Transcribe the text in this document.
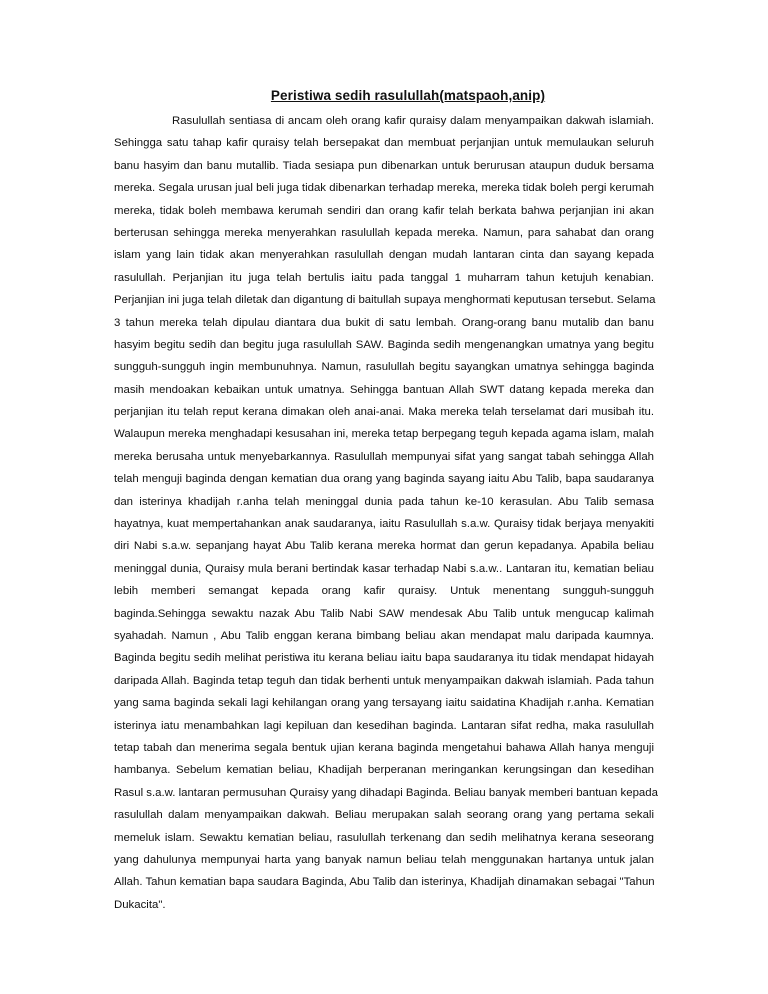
Peristiwa sedih rasulullah(matspaoh,anip)
Rasulullah sentiasa di ancam oleh orang kafir quraisy dalam menyampaikan dakwah islamiah.
Sehingga satu tahap kafir quraisy telah bersepakat dan membuat perjanjian untuk memulaukan seluruh
banu hasyim dan banu mutallib. Tiada sesiapa pun dibenarkan untuk berurusan ataupun duduk bersama
mereka. Segala urusan jual beli juga tidak dibenarkan terhadap mereka, mereka tidak boleh pergi kerumah
mereka, tidak boleh membawa kerumah sendiri dan orang kafir telah berkata bahwa perjanjian ini akan
berterusan sehingga mereka menyerahkan rasulullah kepada mereka. Namun, para sahabat dan orang
islam yang lain tidak akan menyerahkan rasulullah dengan mudah lantaran cinta dan sayang kepada
rasulullah. Perjanjian itu juga telah bertulis iaitu pada tanggal 1 muharram tahun ketujuh kenabian.
Perjanjian ini juga telah diletak dan digantung di baitullah supaya menghormati keputusan tersebut. Selama
3 tahun mereka telah dipulau diantara dua bukit di satu lembah. Orang-orang banu mutalib dan banu
hasyim begitu sedih dan begitu juga rasulullah SAW. Baginda sedih mengenangkan umatnya yang begitu
sungguh-sungguh ingin membunuhnya. Namun, rasulullah begitu sayangkan umatnya sehingga baginda
masih mendoakan kebaikan untuk umatnya. Sehingga bantuan Allah SWT datang kepada mereka dan
perjanjian itu telah reput kerana dimakan oleh anai-anai. Maka mereka telah terselamat dari musibah itu.
Walaupun mereka menghadapi kesusahan ini, mereka tetap berpegang teguh kepada agama islam, malah
mereka berusaha untuk menyebarkannya. Rasulullah mempunyai sifat yang sangat tabah sehingga Allah
telah menguji baginda dengan kematian dua orang yang baginda sayang iaitu Abu Talib, bapa saudaranya
dan isterinya khadijah r.anha telah meninggal dunia pada tahun ke-10 kerasulan. Abu Talib semasa
hayatnya, kuat mempertahankan anak saudaranya, iaitu Rasulullah s.a.w. Quraisy tidak berjaya menyakiti
diri Nabi s.a.w. sepanjang hayat Abu Talib kerana mereka hormat dan gerun kepadanya. Apabila beliau
meninggal dunia, Quraisy mula berani bertindak kasar terhadap Nabi s.a.w.. Lantaran itu, kematian beliau
lebih memberi semangat kepada orang kafir quraisy. Untuk menentang sungguh-sungguh
baginda.Sehingga sewaktu nazak Abu Talib Nabi SAW mendesak Abu Talib untuk mengucap kalimah
syahadah. Namun , Abu Talib enggan kerana bimbang beliau akan mendapat malu daripada kaumnya.
Baginda begitu sedih melihat peristiwa itu kerana beliau iaitu bapa saudaranya itu tidak mendapat hidayah
daripada Allah. Baginda tetap teguh dan tidak berhenti untuk menyampaikan dakwah islamiah. Pada tahun
yang sama baginda sekali lagi kehilangan orang yang tersayang iaitu saidatina Khadijah r.anha. Kematian
isterinya iatu menambahkan lagi kepiluan dan kesedihan baginda. Lantaran sifat redha, maka rasulullah
tetap tabah dan menerima segala bentuk ujian kerana baginda mengetahui bahawa Allah hanya menguji
hambanya. Sebelum kematian beliau, Khadijah berperanan meringankan kerungsingan dan kesedihan
Rasul s.a.w. lantaran permusuhan Quraisy yang dihadapi Baginda. Beliau banyak memberi bantuan kepada
rasulullah dalam menyampaikan dakwah. Beliau merupakan salah seorang orang yang pertama sekali
memeluk islam. Sewaktu kematian beliau, rasulullah terkenang dan sedih melihatnya kerana seseorang
yang dahulunya mempunyai harta yang banyak namun beliau telah menggunakan hartanya untuk jalan
Allah. Tahun kematian bapa saudara Baginda, Abu Talib dan isterinya, Khadijah dinamakan sebagai "Tahun
Dukacita".
